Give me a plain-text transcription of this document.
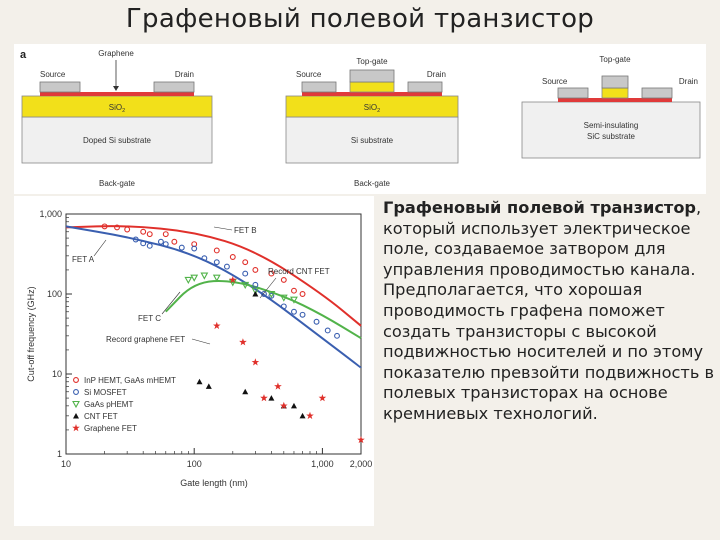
Графеновый полевой транзистор
a	Graphene
Source	Drain
SiO$_2$
Doped Si substrate
Back-gate
Top-gate
Source	Drain
SiO$_2$
Si substrate
Back-gate
Top-gate
Source	Drain
Semi-insulating
SiC substrate
10	100	1,000 2,000
1
10
100
1,000
Cut-off frequency (GHz)
Gate length (nm)
FET B
FET A
Record CNT FET
FET C
Record graphene FET
InP HEMT, GaAs mHEMT
Si MOSFET
GaAs pHEMT
CNT FET
Graphene FET
Графеновый полевой транзистор, который использует электрическое поле, создаваемое затвором для управления проводимостью канала. Предполагается, что хорошая проводимость графена поможет создать транзисторы с высокой подвижностью носителей и по этому показателю превзойти подвижность в полевых транзисторах на основе кремниевых технологий.
